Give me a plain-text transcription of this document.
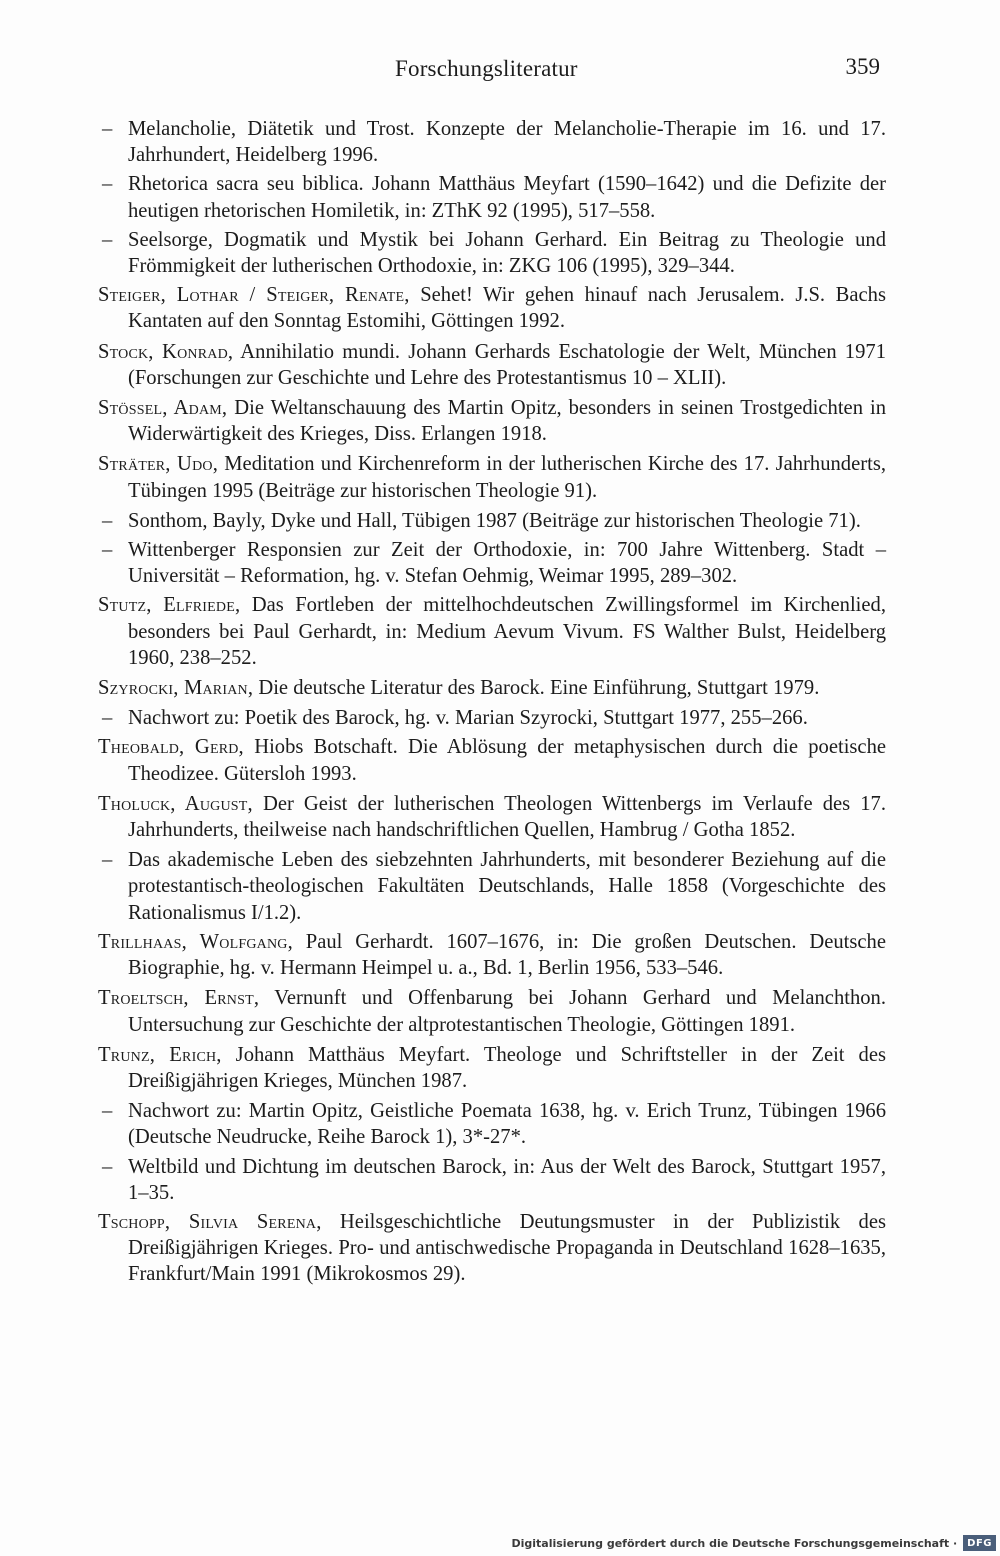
Forschungsliteratur	359

– Melancholie, Diätetik und Trost. Konzepte der Melancholie-Therapie im 16. und 17. Jahrhundert, Heidelberg 1996.

– Rhetorica sacra seu biblica. Johann Matthäus Meyfart (1590–1642) und die Defizite der heutigen rhetorischen Homiletik, in: ZThK 92 (1995), 517–558.

– Seelsorge, Dogmatik und Mystik bei Johann Gerhard. Ein Beitrag zu Theologie und Frömmigkeit der lutherischen Orthodoxie, in: ZKG 106 (1995), 329–344.

Steiger, Lothar / Steiger, Renate, Sehet! Wir gehen hinauf nach Jerusalem. J.S. Bachs Kantaten auf den Sonntag Estomihi, Göttingen 1992.

Stock, Konrad, Annihilatio mundi. Johann Gerhards Eschatologie der Welt, München 1971 (Forschungen zur Geschichte und Lehre des Protestantismus 10 – XLII).

Stössel, Adam, Die Weltanschauung des Martin Opitz, besonders in seinen Trostgedichten in Widerwärtigkeit des Krieges, Diss. Erlangen 1918.

Sträter, Udo, Meditation und Kirchenreform in der lutherischen Kirche des 17. Jahrhunderts, Tübingen 1995 (Beiträge zur historischen Theologie 91).

– Sonthom, Bayly, Dyke und Hall, Tübigen 1987 (Beiträge zur historischen Theologie 71).

– Wittenberger Responsien zur Zeit der Orthodoxie, in: 700 Jahre Wittenberg. Stadt – Universität – Reformation, hg. v. Stefan Oehmig, Weimar 1995, 289–302.

Stutz, Elfriede, Das Fortleben der mittelhochdeutschen Zwillingsformel im Kirchenlied, besonders bei Paul Gerhardt, in: Medium Aevum Vivum. FS Walther Bulst, Heidelberg 1960, 238–252.

Szyrocki, Marian, Die deutsche Literatur des Barock. Eine Einführung, Stuttgart 1979.

– Nachwort zu: Poetik des Barock, hg. v. Marian Szyrocki, Stuttgart 1977, 255–266.

Theobald, Gerd, Hiobs Botschaft. Die Ablösung der metaphysischen durch die poetische Theodizee. Gütersloh 1993.

Tholuck, August, Der Geist der lutherischen Theologen Wittenbergs im Verlaufe des 17. Jahrhunderts, theilweise nach handschriftlichen Quellen, Hambrug / Gotha 1852.

– Das akademische Leben des siebzehnten Jahrhunderts, mit besonderer Beziehung auf die protestantisch-theologischen Fakultäten Deutschlands, Halle 1858 (Vorgeschichte des Rationalismus I/1.2).

Trillhaas, Wolfgang, Paul Gerhardt. 1607–1676, in: Die großen Deutschen. Deutsche Biographie, hg. v. Hermann Heimpel u. a., Bd. 1, Berlin 1956, 533–546.

Troeltsch, Ernst, Vernunft und Offenbarung bei Johann Gerhard und Melanchthon. Untersuchung zur Geschichte der altprotestantischen Theologie, Göttingen 1891.

Trunz, Erich, Johann Matthäus Meyfart. Theologe und Schriftsteller in der Zeit des Dreißigjährigen Krieges, München 1987.

– Nachwort zu: Martin Opitz, Geistliche Poemata 1638, hg. v. Erich Trunz, Tübingen 1966 (Deutsche Neudrucke, Reihe Barock 1), 3*-27*.

– Weltbild und Dichtung im deutschen Barock, in: Aus der Welt des Barock, Stuttgart 1957, 1–35.

Tschopp, Silvia Serena, Heilsgeschichtliche Deutungsmuster in der Publizistik des Dreißigjährigen Krieges. Pro- und antischwedische Propaganda in Deutschland 1628–1635, Frankfurt/Main 1991 (Mikrokosmos 29).

Digitalisierung gefördert durch die Deutsche Forschungsgemeinschaft ·	DFG
